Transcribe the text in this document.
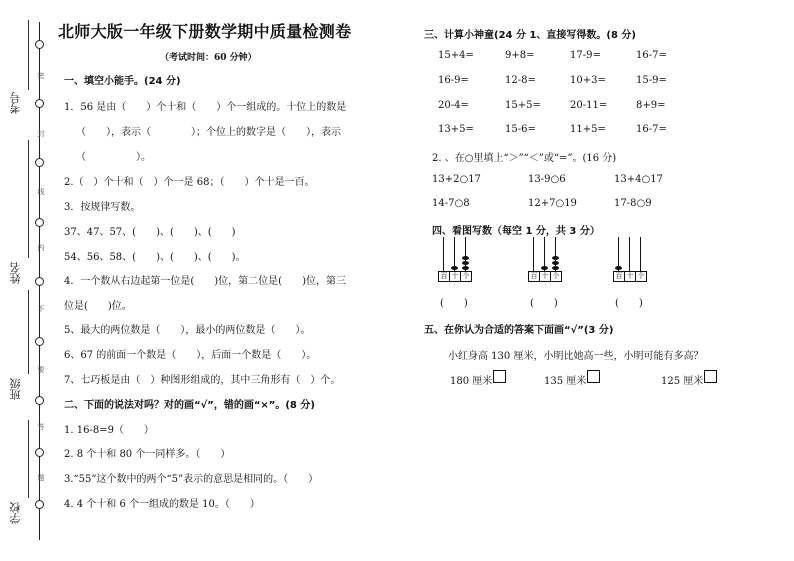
考号
姓名
班级
学校
密
封
线
内
不
要
答
题
北师大版一年级下册数学期中质量检测卷
（考试时间：60 分钟）
一、填空小能手。(24 分)
1．56 是由（　　）个十和（　　）个一组成的。十位上的数是
（　　），表示（　　　　）；个位上的数字是（　　），表示
（　　　　　）。
2.（　）个十和（　）个一是 68；（　　）个十是一百。
3．按规律写数。
37、47、57、(　　)、(　　)、(　　)
54、56、58、(　　)、(　　)、(　　)。
4．一个数从右边起第一位是(　　)位，第二位是(　　)位，第三
位是(　　)位。
5、最大的两位数是（　　），最小的两位数是（　　）。
6、67 的前面一个数是（　　），后面一个数是（　　）。
7、七巧板是由（　）种图形组成的，其中三角形有（　）个。
二、下面的说法对吗？对的画“√”，错的画“×”。(8 分)
1. 16-8=9（　　）
2. 8 个十和 80 个一同样多。（　　）
3.“55”这个数中的两个“5”表示的意思是相同的。（　　）
4. 4 个十和 6 个一组成的数是 10。（　　）
三、计算小神童(24 分 1、直接写得数。(8 分)
15+4=	9+8=	17-9=	16-7=
16-9=	12-8=	10+3=	15-9=
20-4=	15+5=	20-11=	8+9=
13+5=	15-6=	11+5=	16-7=
2. 、在○里填上“＞”“＜”或“=”。(16 分)
13+2○17	13-9○6	13+4○17
14-7○8	12+7○19	17-8○9
四、看图写数（每空 1 分，共 3 分）
百 十 个
(　　)
百 十 个
(　　)
百 十 个
(　　)
五、在你认为合适的答案下面画“√”(3 分)
小红身高 130 厘米，小明比她高一些，小明可能有多高？
180 厘米	135 厘米	125 厘米
